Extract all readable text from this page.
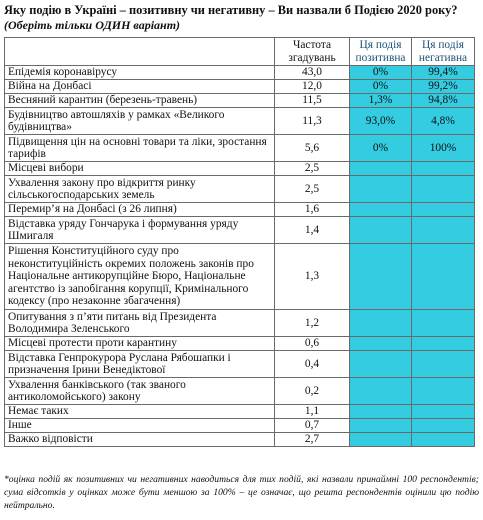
Яку подію в Україні – позитивну чи негативну – Ви назвали б Подією 2020 року?
(Оберіть тільки ОДИН варіант)
	Частота згадувань	Ця подія позитивна	Ця подія негативна
Епідемія коронавірусу	43,0	0%	99,4%
Війна на Донбасі	12,0	0%	99,2%
Весняний карантин (березень-травень)	11,5	1,3%	94,8%
Будівництво автошляхів у рамках «Великого будівництва»	11,3	93,0%	4,8%
Підвищення цін на основні товари та ліки, зростання тарифів	5,6	0%	100%
Місцеві вибори	2,5		
Ухвалення закону про відкриття ринку сільськогосподарських земель	2,5		
Перемир’я на Донбасі (з 26 липня)	1,6		
Відставка уряду Гончарука і формування уряду Шмигаля	1,4		
Рішення Конституційного суду про неконституційність окремих положень законів про Національне антикорупційне Бюро, Національне агентство із запобігання корупції, Кримінального кодексу (про незаконне збагачення)	1,3		
Опитування з п’яти питань від Президента Володимира Зеленського	1,2		
Місцеві протести проти карантину	0,6		
Відставка Генпрокурора Руслана Рябошапки і призначення Ірини Венедіктової	0,4		
Ухвалення банківського (так званого антиколомойського) закону	0,2		
Немає таких	1,1		
Інше	0,7		
Важко відповісти	2,7		
*оцінка подій як позитивних чи негативних наводиться для тих подій, які назвали принаймні 100 респондентів; сума відсотків у оцінках може бути меншою за 100% – це означає, що решта респондентів оцінили цю подію нейтрально.
